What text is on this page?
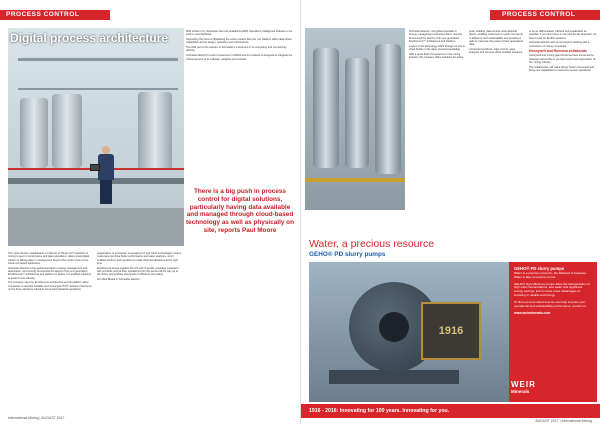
PROCESS CONTROL
Digital process architecture	With Version 2.0, Schneider has now enabled its EMS Operations Intelligence software to be sold on new hardware.

Supporting the trend of digitalising the entire product lifecycle, the platform offers data-driven capabilities across design, operation and maintenance.

The third part of the solution is Schneider's investment in its computing and connectivity offering.

Schneider Electric's recent investment in AVEVA and its products is designed to integrate the critical sensors of its software, analytics and controls.

There is a big push in process control for digital solutions, particularly having data available and managed through cloud-based technology as well as physically on site, reports Paul Moore

The most obvious manifestation of Internet of Things (IoT) solutions in mining is seen in trend pieces and plant operations, where great digital traction is taking place in management beyond the control room to the cloud-connected application.

Schneider Electric is the global specialist in energy management and automation, and recently announced the launch of its next generation EcoStruxure™ architecture and platform to deliver IoT-enabled solutions at scale for the industry.

The company says the EcoStruxure architecture and its platform allow companies to develop scalable and converged IT/OT solutions that focus on the three elements critical to connected industrial operations.

organisation or enterprise. Leveraging IoT and cloud technologies means customers can drive better performance and faster analytics, and it enables workers and operators to make informed decisions at the right time.

EcoStruxure brings together the OT and IT worlds, providing customers with a holistic view of their operations from the sensor all the way up to the cloud, and enables new levels of efficiency and safety.

For Mica Bhatia in Schneider Electric...

International Mining | AUGUST 2017
PROCESS CONTROL

Schneider Electric, the global specialist in energy management and automation, recently announced the launch of its next generation EcoStruxure™ architecture and platform.

Layers of the technology stack through on-site to cloud builds on the deep process knowledge.

With a great deal of experience in the mining industry, the company offers solutions for today.

grids, building, data centres and industrial plants, enabling customers to reach new levels of efficiency and sustainability and provides a path to maximise the power of their operational data.

Connected products, edge control, apps, analytics and services allow scalable solutions.

to be as differentiated, efficient and sustainable as possible. If you don't have a 'one-size-fits-all' approach, it's best to look for flexible solutions.

Schneider Electric also announced its working with a consortium of mining companies.

Honeywell and Rovensa collaborate

Honeywell and mining giant Rovensa have announced a strategic partnership in process control and automation for the mining industry.

The collaboration will make things 'better connected' and bring new capabilities to customers across operations.

Water, a precious resource
GEHO® PD slurry pumps
1916
GEHO® PD slurry pumps
Water is a precious resource, the lifeblood of business. Water is also a resource at risk.
GEHO® high efficiency pumps allow the transportation of high solid concentrations, less water and significant energy savings, just to name a few advantages of investing in reliable technology.
To find out more about how we can help improve your operational and sustainability performance, contact us.
www.weirminerals.com
WEIR
Minerals
1916 - 2016: Innovating for 100 years. Innovating for you.
AUGUST 2017 | International Mining
